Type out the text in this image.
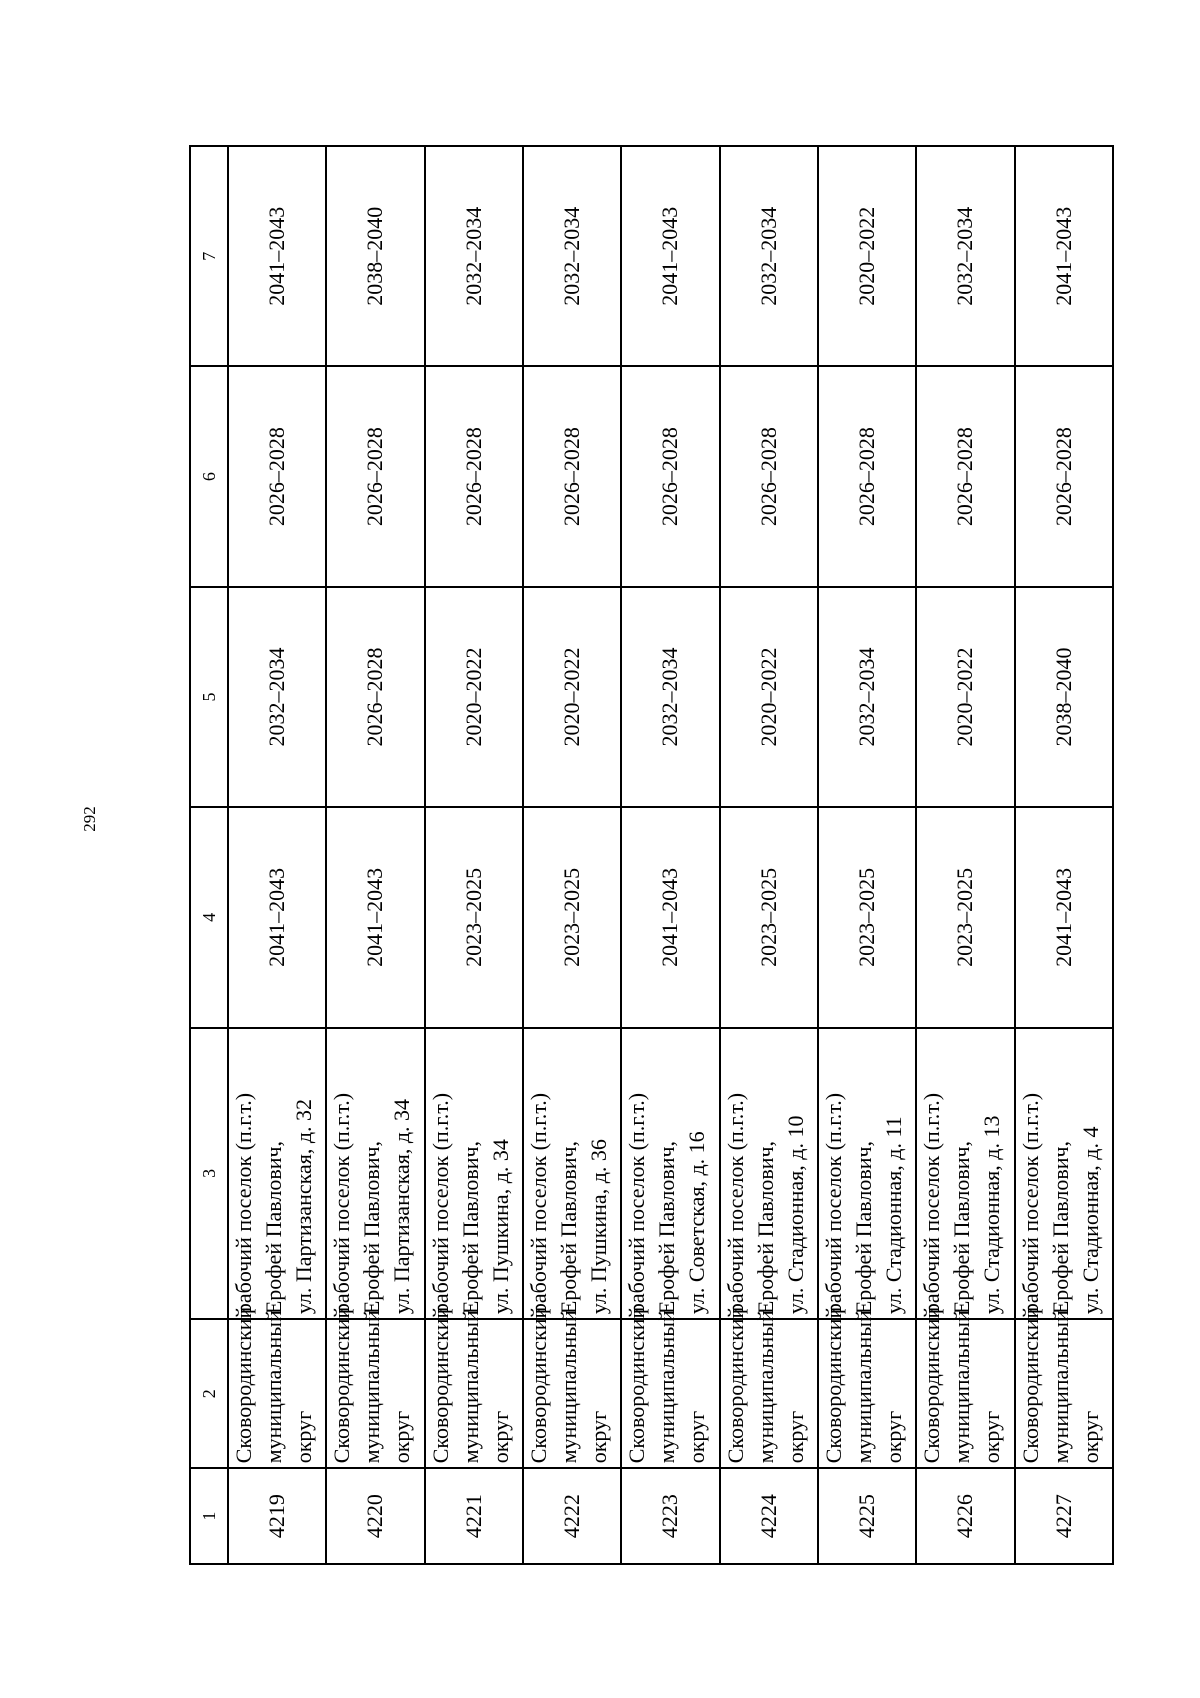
292
1	2	3	4	5	6	7
4219	Сковородинский муниципальный округ	рабочий поселок (п.г.т.) Ерофей Павлович, ул. Партизанская, д. 32	2041–2043	2032–2034	2026–2028	2041–2043
4220	Сковородинский муниципальный округ	рабочий поселок (п.г.т.) Ерофей Павлович, ул. Партизанская, д. 34	2041–2043	2026–2028	2026–2028	2038–2040
4221	Сковородинский муниципальный округ	рабочий поселок (п.г.т.) Ерофей Павлович, ул. Пушкина, д. 34	2023–2025	2020–2022	2026–2028	2032–2034
4222	Сковородинский муниципальный округ	рабочий поселок (п.г.т.) Ерофей Павлович, ул. Пушкина, д. 36	2023–2025	2020–2022	2026–2028	2032–2034
4223	Сковородинский муниципальный округ	рабочий поселок (п.г.т.) Ерофей Павлович, ул. Советская, д. 16	2041–2043	2032–2034	2026–2028	2041–2043
4224	Сковородинский муниципальный округ	рабочий поселок (п.г.т.) Ерофей Павлович, ул. Стадионная, д. 10	2023–2025	2020–2022	2026–2028	2032–2034
4225	Сковородинский муниципальный округ	рабочий поселок (п.г.т.) Ерофей Павлович, ул. Стадионная, д. 11	2023–2025	2032–2034	2026–2028	2020–2022
4226	Сковородинский муниципальный округ	рабочий поселок (п.г.т.) Ерофей Павлович, ул. Стадионная, д. 13	2023–2025	2020–2022	2026–2028	2032–2034
4227	Сковородинский муниципальный округ	рабочий поселок (п.г.т.) Ерофей Павлович, ул. Стадионная, д. 4	2041–2043	2038–2040	2026–2028	2041–2043
